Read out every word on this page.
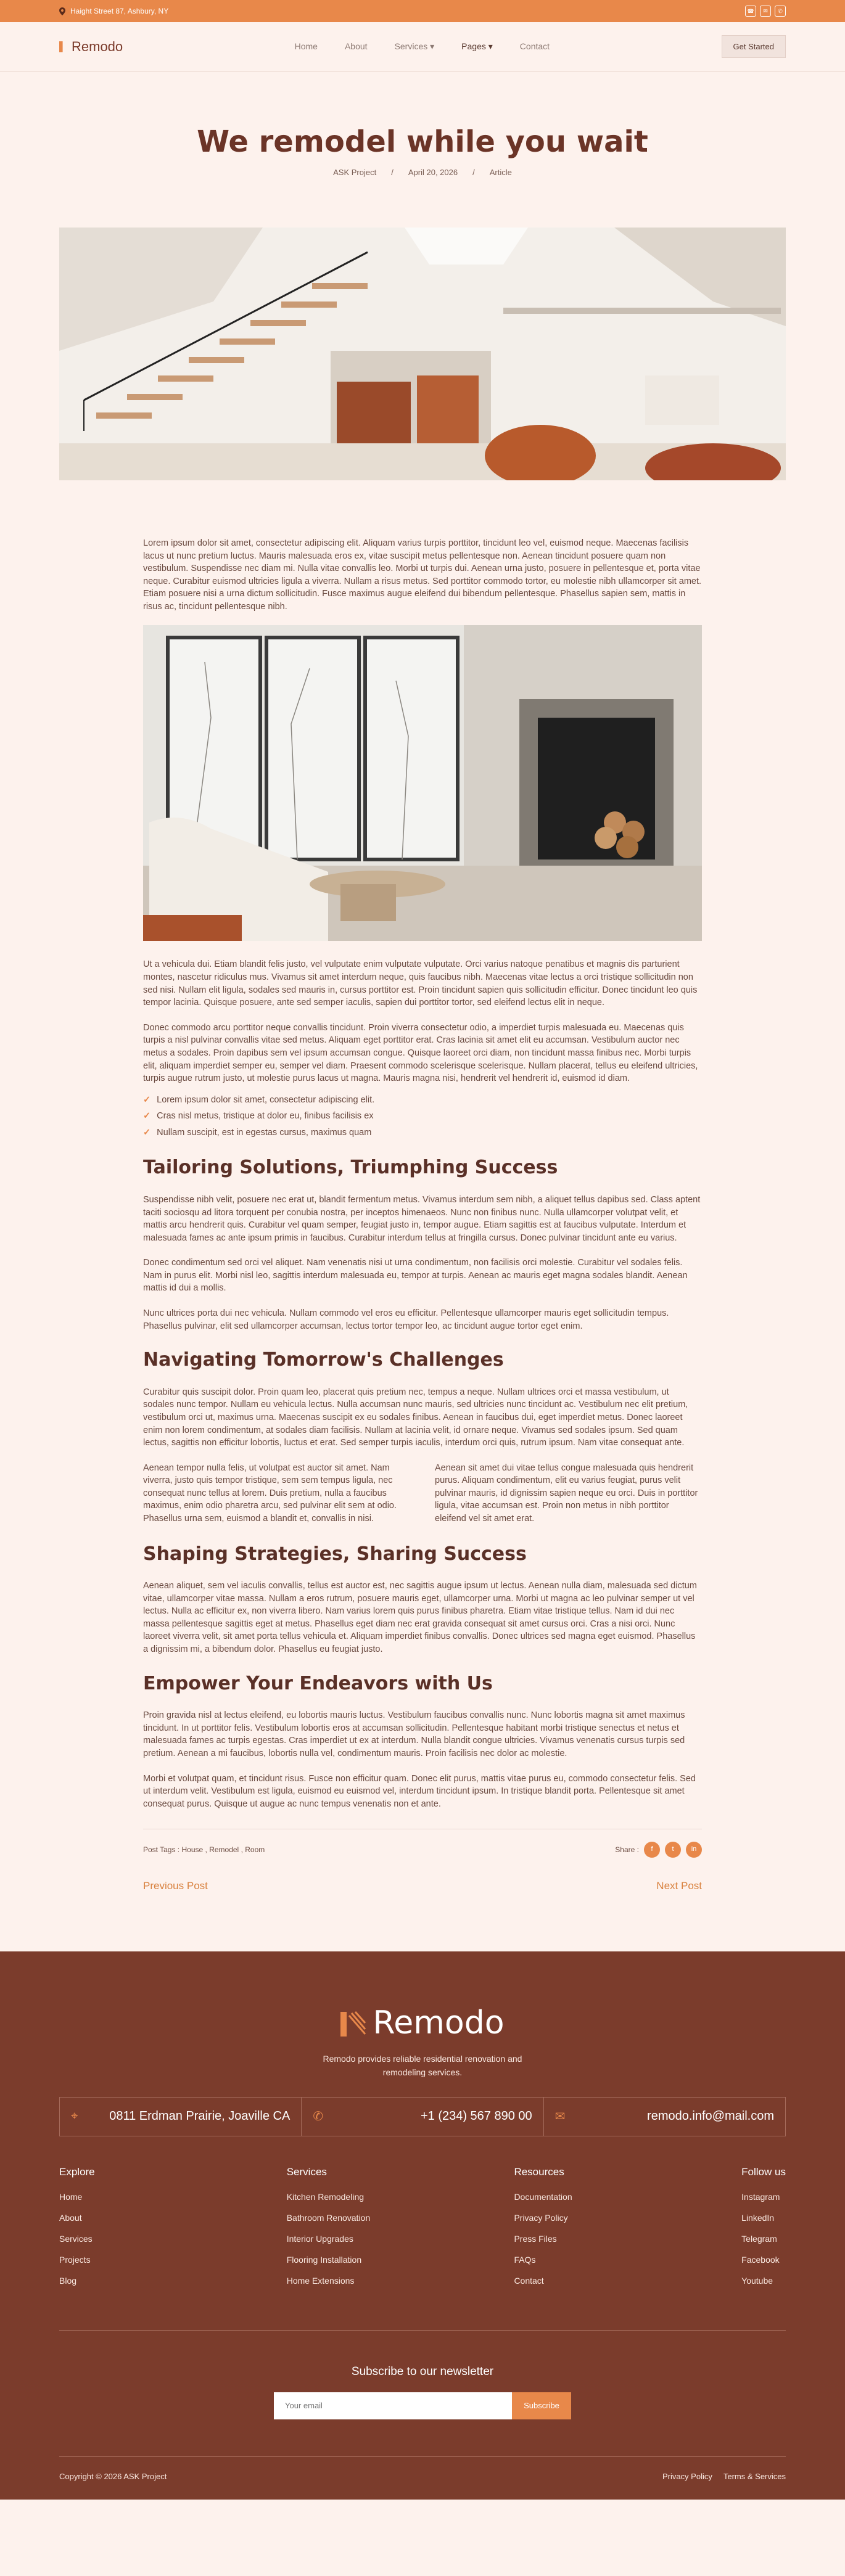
Haight Street 87, Ashbury, NY	☎	✉	✆
Remodo	Home	About	Services ▾	Pages ▾	Contact	Get Started
We remodel while you wait
ASK Project / April 20, 2026 / Article

Lorem ipsum dolor sit amet, consectetur adipiscing elit. Aliquam varius turpis porttitor, tincidunt leo vel, euismod neque. Maecenas facilisis lacus ut nunc pretium luctus. Mauris malesuada eros ex, vitae suscipit metus pellentesque non. Aenean tincidunt posuere quam non vestibulum. Suspendisse nec diam mi. Nulla vitae convallis leo. Morbi ut turpis dui. Aenean urna justo, posuere in pellentesque et, porta vitae neque. Curabitur euismod ultricies ligula a viverra. Nullam a risus metus. Sed porttitor commodo tortor, eu molestie nibh ullamcorper sit amet. Etiam posuere nisi a urna dictum sollicitudin. Fusce maximus augue eleifend dui bibendum pellentesque. Phasellus sapien sem, mattis in risus ac, tincidunt pellentesque nibh.

Ut a vehicula dui. Etiam blandit felis justo, vel vulputate enim vulputate vulputate. Orci varius natoque penatibus et magnis dis parturient montes, nascetur ridiculus mus. Vivamus sit amet interdum neque, quis faucibus nibh. Maecenas vitae lectus a orci tristique sollicitudin non sed nisi. Nullam elit ligula, sodales sed mauris in, cursus porttitor est. Proin tincidunt sapien quis sollicitudin efficitur. Donec tincidunt leo quis tempor lacinia. Quisque posuere, ante sed semper iaculis, sapien dui porttitor tortor, sed eleifend lectus elit in neque.

Donec commodo arcu porttitor neque convallis tincidunt. Proin viverra consectetur odio, a imperdiet turpis malesuada eu. Maecenas quis turpis a nisl pulvinar convallis vitae sed metus. Aliquam eget porttitor erat. Cras lacinia sit amet elit eu accumsan. Vestibulum auctor nec metus a sodales. Proin dapibus sem vel ipsum accumsan congue. Quisque laoreet orci diam, non tincidunt massa finibus nec. Morbi turpis elit, aliquam imperdiet semper eu, semper vel diam. Praesent commodo scelerisque scelerisque. Nullam placerat, tellus eu eleifend ultricies, turpis augue rutrum justo, ut molestie purus lacus ut magna. Mauris magna nisi, hendrerit vel hendrerit id, euismod id diam.

✓ Lorem ipsum dolor sit amet, consectetur adipiscing elit.
✓ Cras nisl metus, tristique at dolor eu, finibus facilisis ex
✓ Nullam suscipit, est in egestas cursus, maximus quam
Tailoring Solutions, Triumphing Success

Suspendisse nibh velit, posuere nec erat ut, blandit fermentum metus. Vivamus interdum sem nibh, a aliquet tellus dapibus sed. Class aptent taciti sociosqu ad litora torquent per conubia nostra, per inceptos himenaeos. Nunc non finibus nunc. Nulla ullamcorper volutpat velit, et mattis arcu hendrerit quis. Curabitur vel quam semper, feugiat justo in, tempor augue. Etiam sagittis est at faucibus vulputate. Interdum et malesuada fames ac ante ipsum primis in faucibus. Curabitur interdum tellus at fringilla cursus. Donec pulvinar tincidunt ante eu varius.

Donec condimentum sed orci vel aliquet. Nam venenatis nisi ut urna condimentum, non facilisis orci molestie. Curabitur vel sodales felis. Nam in purus elit. Morbi nisl leo, sagittis interdum malesuada eu, tempor at turpis. Aenean ac mauris eget magna sodales blandit. Aenean mattis id dui a mollis.

Nunc ultrices porta dui nec vehicula. Nullam commodo vel eros eu efficitur. Pellentesque ullamcorper mauris eget sollicitudin tempus. Phasellus pulvinar, elit sed ullamcorper accumsan, lectus tortor tempor leo, ac tincidunt augue tortor eget enim.

Navigating Tomorrow's Challenges

Curabitur quis suscipit dolor. Proin quam leo, placerat quis pretium nec, tempus a neque. Nullam ultrices orci et massa vestibulum, ut sodales nunc tempor. Nullam eu vehicula lectus. Nulla accumsan nunc mauris, sed ultricies nunc tincidunt ac. Vestibulum nec elit pretium, vestibulum orci ut, maximus urna. Maecenas suscipit ex eu sodales finibus. Aenean in faucibus dui, eget imperdiet metus. Donec laoreet enim non lorem condimentum, at sodales diam facilisis. Nullam at lacinia velit, id ornare neque. Vivamus sed sodales ipsum. Sed quam lectus, sagittis non efficitur lobortis, luctus et erat. Sed semper turpis iaculis, interdum orci quis, rutrum ipsum. Nam vitae consequat ante.

Aenean tempor nulla felis, ut volutpat est auctor sit amet. Nam viverra, justo quis tempor tristique, sem sem tempus ligula, nec consequat nunc tellus at lorem. Duis pretium, nulla a faucibus maximus, enim odio pharetra arcu, sed pulvinar elit sem at odio. Phasellus urna sem, euismod a blandit et, convallis in nisi.

Aenean sit amet dui vitae tellus congue malesuada quis hendrerit purus. Aliquam condimentum, elit eu varius feugiat, purus velit pulvinar mauris, id dignissim sapien neque eu orci. Duis in porttitor ligula, vitae accumsan est. Proin non metus in nibh porttitor eleifend vel sit amet erat.

Shaping Strategies, Sharing Success

Aenean aliquet, sem vel iaculis convallis, tellus est auctor est, nec sagittis augue ipsum ut lectus. Aenean nulla diam, malesuada sed dictum vitae, ullamcorper vitae massa. Nullam a eros rutrum, posuere mauris eget, ullamcorper urna. Morbi ut magna ac leo pulvinar semper ut vel lectus. Nulla ac efficitur ex, non viverra libero. Nam varius lorem quis purus finibus pharetra. Etiam vitae tristique tellus. Nam id dui nec massa pellentesque sagittis eget at metus. Phasellus eget diam nec erat gravida consequat sit amet cursus orci. Cras a nisi orci. Nunc laoreet viverra velit, sit amet porta tellus vehicula et. Aliquam imperdiet finibus convallis. Donec ultrices sed magna eget euismod. Phasellus a dignissim mi, a bibendum dolor. Phasellus eu feugiat justo.

Empower Your Endeavors with Us

Proin gravida nisl at lectus eleifend, eu lobortis mauris luctus. Vestibulum faucibus convallis nunc. Nunc lobortis magna sit amet maximus tincidunt. In ut porttitor felis. Vestibulum lobortis eros at accumsan sollicitudin. Pellentesque habitant morbi tristique senectus et netus et malesuada fames ac turpis egestas. Cras imperdiet ut ex at interdum. Nulla blandit congue ultricies. Vivamus venenatis cursus turpis sed pretium. Aenean a mi faucibus, lobortis nulla vel, condimentum mauris. Proin facilisis nec dolor ac molestie.

Morbi et volutpat quam, et tincidunt risus. Fusce non efficitur quam. Donec elit purus, mattis vitae purus eu, commodo consectetur felis. Sed ut interdum velit. Vestibulum est ligula, euismod eu euismod vel, interdum tincidunt ipsum. In tristique blandit porta. Pellentesque sit amet consequat purus. Quisque ut augue ac nunc tempus venenatis non et ante.

Post Tags : House , Remodel , Room	Share :	f	t	in
Previous Post	Next Post
Remodo

Remodo provides reliable residential renovation and remodeling services.

⌖	0811 Erdman Prairie, Joaville CA ✆	+1 (234) 567 890 00 ✉	remodo.info@mail.com
Explore
Home
About
Services
Projects
Blog
Services
Kitchen Remodeling
Bathroom Renovation
Interior Upgrades
Flooring Installation
Home Extensions
Resources
Documentation
Privacy Policy
Press Files
FAQs
Contact
Follow us
Instagram
LinkedIn
Telegram
Facebook
Youtube
Subscribe to our newsletter
Your email
Subscribe
Copyright © 2026 ASK Project	Privacy Policy Terms & Services
